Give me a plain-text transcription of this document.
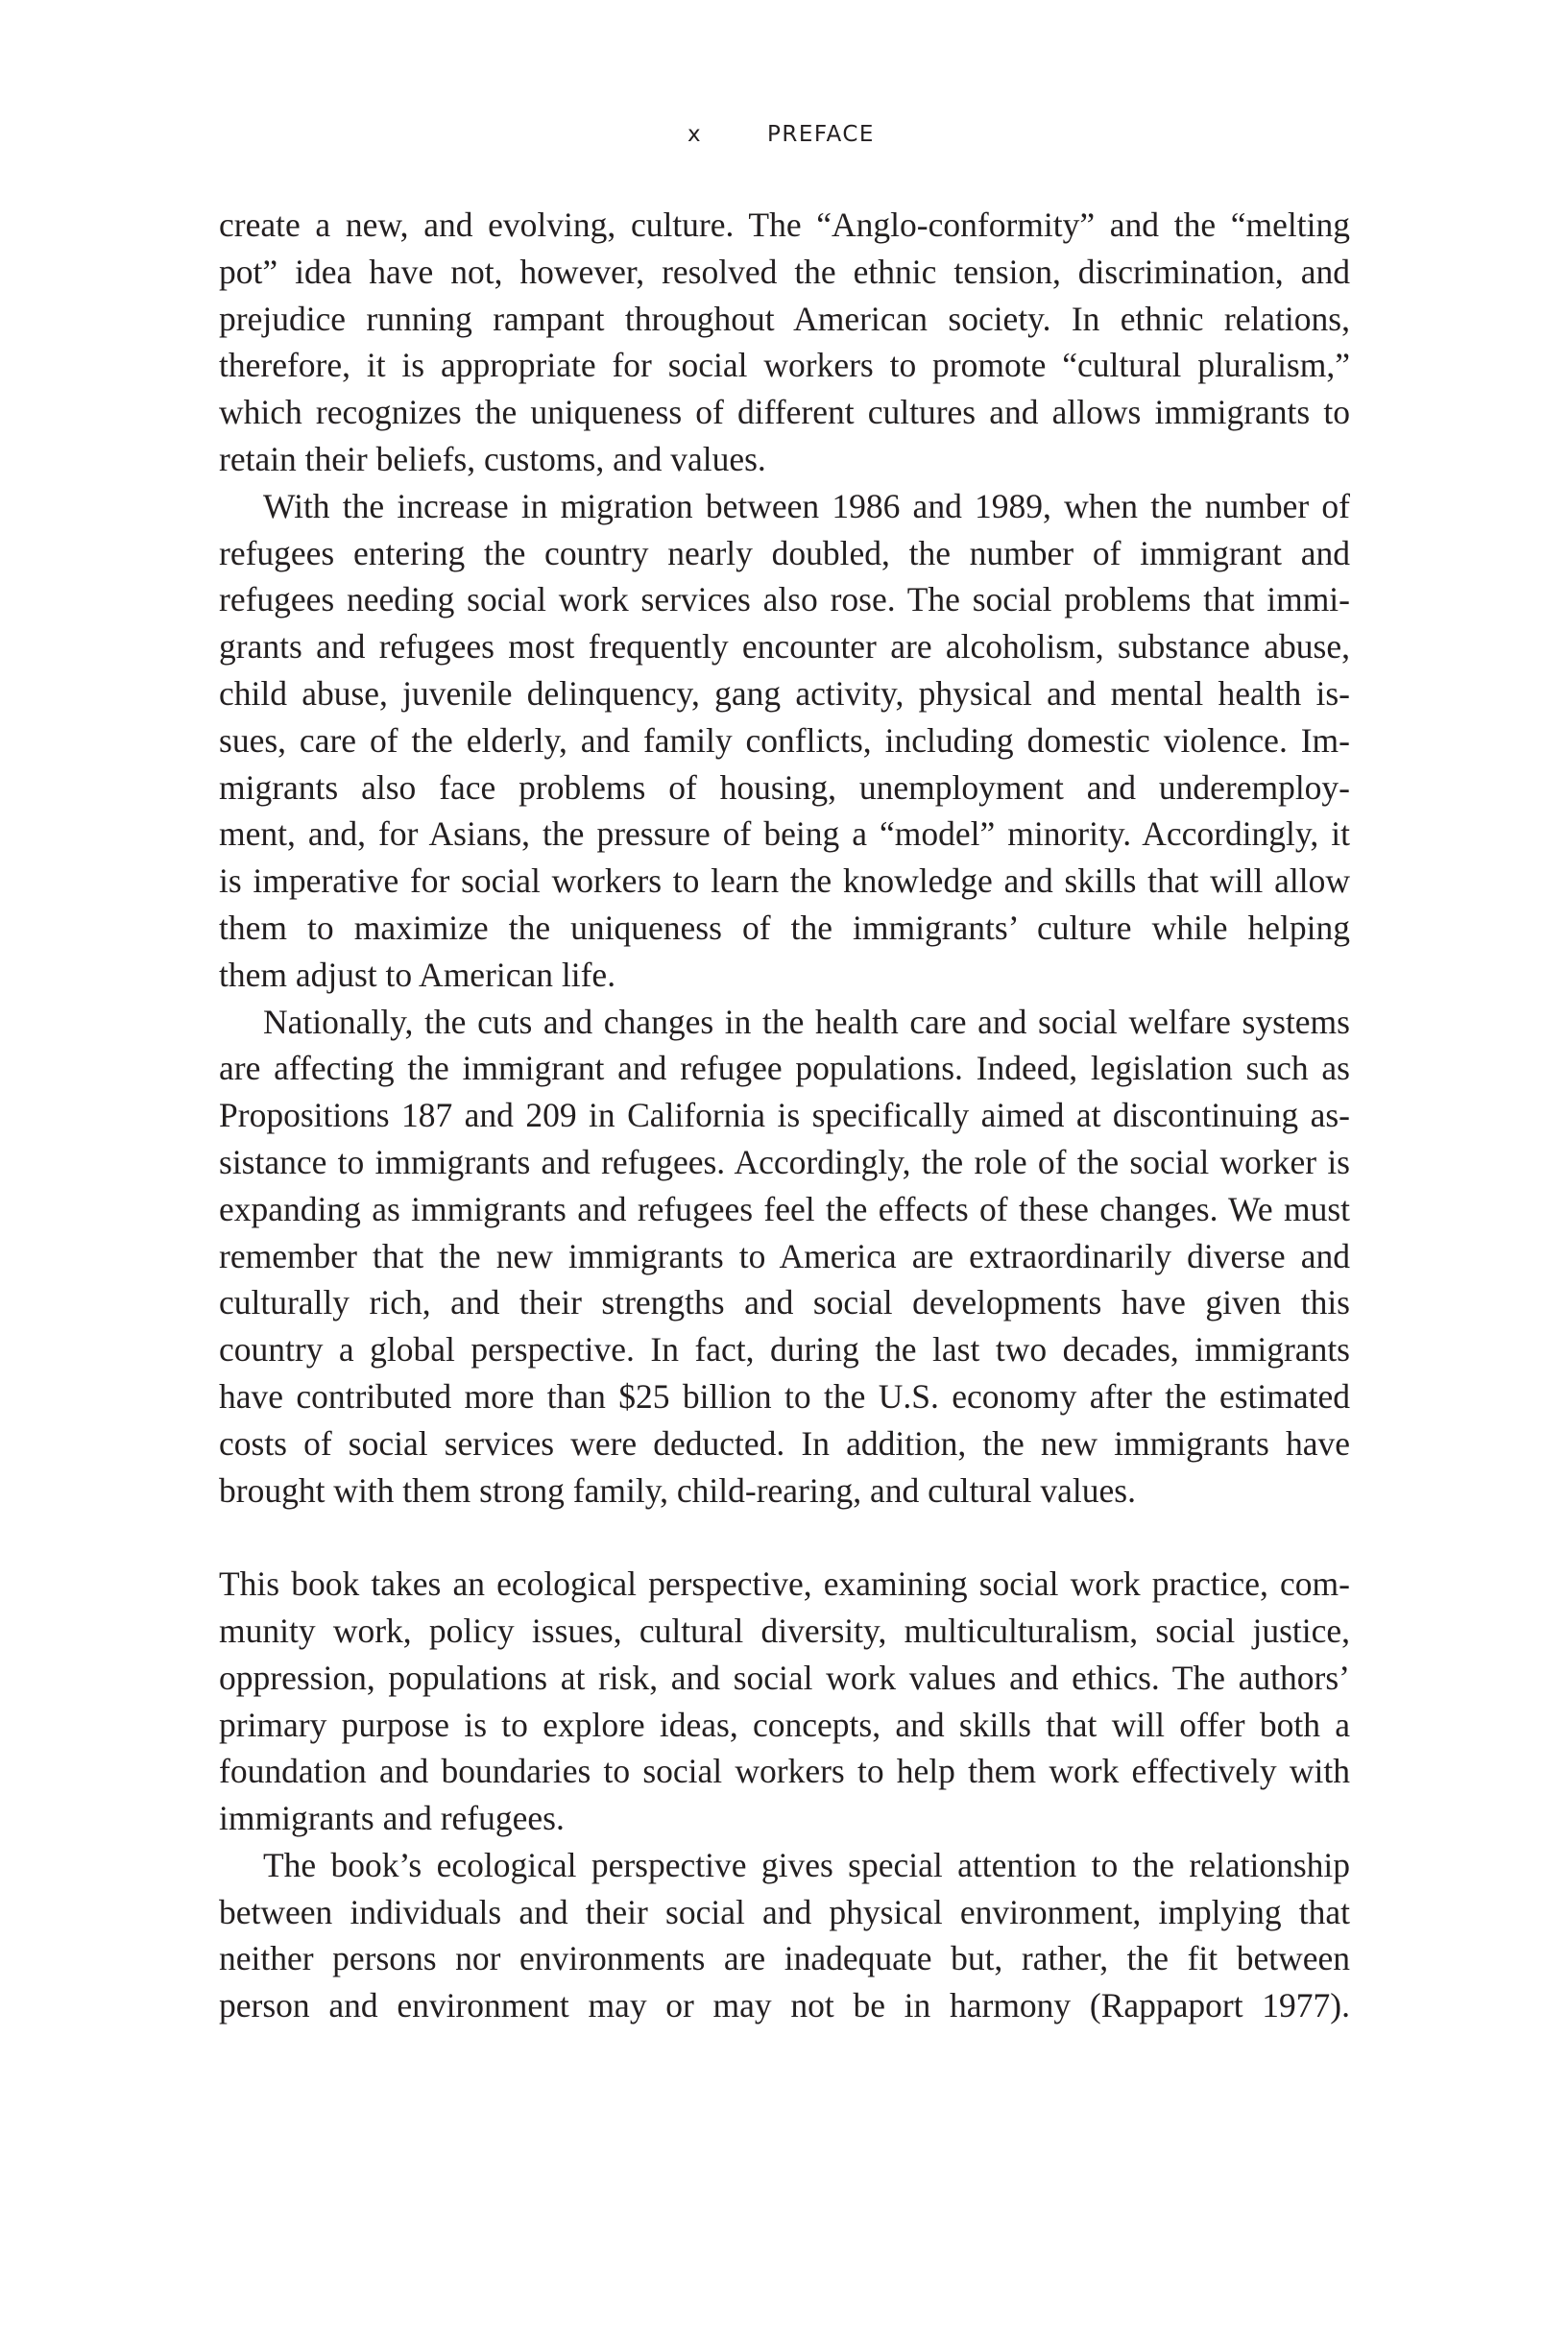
x	PREFACE

create a new, and evolving, culture. The “Anglo-conformity” and the “melting
pot” idea have not, however, resolved the ethnic tension, discrimination, and
prejudice running rampant throughout American society. In ethnic relations,
therefore, it is appropriate for social workers to promote “cultural pluralism,”
which recognizes the uniqueness of different cultures and allows immigrants to
retain their beliefs, customs, and values.

With the increase in migration between 1986 and 1989, when the number of
refugees entering the country nearly doubled, the number of immigrant and
refugees needing social work services also rose. The social problems that immi-
grants and refugees most frequently encounter are alcoholism, substance abuse,
child abuse, juvenile delinquency, gang activity, physical and mental health is-
sues, care of the elderly, and family conflicts, including domestic violence. Im-
migrants also face problems of housing, unemployment and underemploy-
ment, and, for Asians, the pressure of being a “model” minority. Accordingly, it
is imperative for social workers to learn the knowledge and skills that will allow
them to maximize the uniqueness of the immigrants’ culture while helping
them adjust to American life.

Nationally, the cuts and changes in the health care and social welfare systems
are affecting the immigrant and refugee populations. Indeed, legislation such as
Propositions 187 and 209 in California is specifically aimed at discontinuing as-
sistance to immigrants and refugees. Accordingly, the role of the social worker is
expanding as immigrants and refugees feel the effects of these changes. We must
remember that the new immigrants to America are extraordinarily diverse and
culturally rich, and their strengths and social developments have given this
country a global perspective. In fact, during the last two decades, immigrants
have contributed more than $25 billion to the U.S. economy after the estimated
costs of social services were deducted. In addition, the new immigrants have
brought with them strong family, child-rearing, and cultural values.

This book takes an ecological perspective, examining social work practice, com-
munity work, policy issues, cultural diversity, multiculturalism, social justice,
oppression, populations at risk, and social work values and ethics. The authors’
primary purpose is to explore ideas, concepts, and skills that will offer both a
foundation and boundaries to social workers to help them work effectively with
immigrants and refugees.

The book’s ecological perspective gives special attention to the relationship
between individuals and their social and physical environment, implying that
neither persons nor environments are inadequate but, rather, the fit between
person and environment may or may not be in harmony (Rappaport 1977).
